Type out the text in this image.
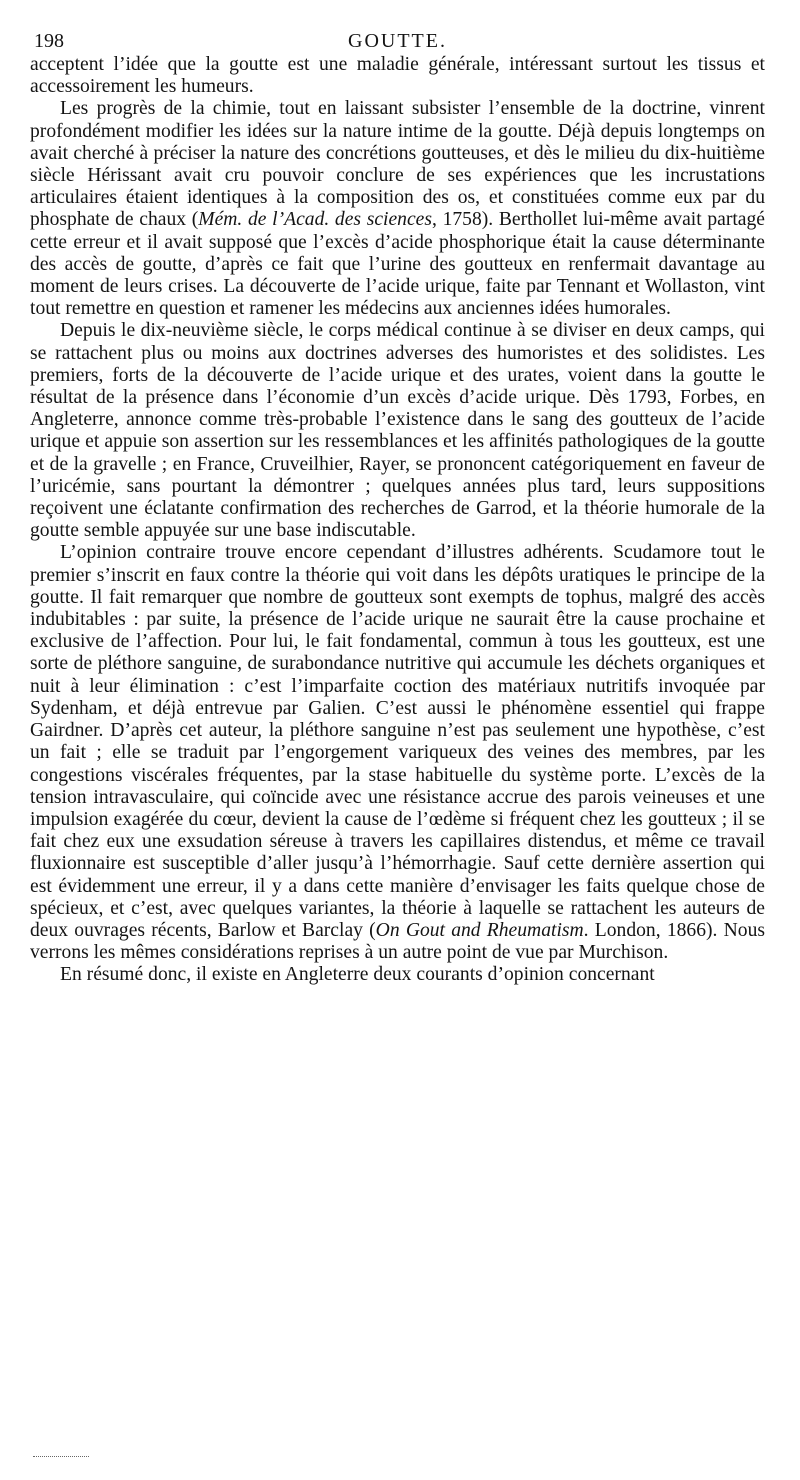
198	GOUTTE.

acceptent l’idée que la goutte est une maladie générale, intéressant surtout les tissus et accessoirement les humeurs.

Les progrès de la chimie, tout en laissant subsister l’ensemble de la doctrine, vinrent profondément modifier les idées sur la nature intime de la goutte. Déjà depuis longtemps on avait cherché à préciser la nature des concrétions goutteuses, et dès le milieu du dix-huitième siècle Hérissant avait cru pouvoir conclure de ses expériences que les incrustations articulaires étaient identiques à la composition des os, et constituées comme eux par du phosphate de chaux (Mém. de l’Acad. des sciences, 1758). Berthollet lui-même avait partagé cette erreur et il avait supposé que l’excès d’acide phosphorique était la cause déterminante des accès de goutte, d’après ce fait que l’urine des goutteux en renfermait davantage au moment de leurs crises. La découverte de l’acide urique, faite par Tennant et Wollaston, vint tout remettre en question et ramener les médecins aux anciennes idées humorales.

Depuis le dix-neuvième siècle, le corps médical continue à se diviser en deux camps, qui se rattachent plus ou moins aux doctrines adverses des humoristes et des solidistes. Les premiers, forts de la découverte de l’acide urique et des urates, voient dans la goutte le résultat de la présence dans l’économie d’un excès d’acide urique. Dès 1793, Forbes, en Angleterre, annonce comme très-probable l’existence dans le sang des goutteux de l’acide urique et appuie son assertion sur les ressemblances et les affinités pathologiques de la goutte et de la gravelle ; en France, Cruveilhier, Rayer, se prononcent catégoriquement en faveur de l’uricémie, sans pourtant la démontrer ; quelques années plus tard, leurs suppositions reçoivent une éclatante confirmation des recherches de Garrod, et la théorie humorale de la goutte semble appuyée sur une base indiscutable.

L’opinion contraire trouve encore cependant d’illustres adhérents. Scudamore tout le premier s’inscrit en faux contre la théorie qui voit dans les dépôts uratiques le principe de la goutte. Il fait remarquer que nombre de goutteux sont exempts de tophus, malgré des accès indubitables : par suite, la présence de l’acide urique ne saurait être la cause prochaine et exclusive de l’affection. Pour lui, le fait fondamental, commun à tous les goutteux, est une sorte de pléthore sanguine, de surabondance nutritive qui accumule les déchets organiques et nuit à leur élimination : c’est l’imparfaite coction des matériaux nutritifs invoquée par Sydenham, et déjà entrevue par Galien. C’est aussi le phénomène essentiel qui frappe Gairdner. D’après cet auteur, la pléthore sanguine n’est pas seulement une hypothèse, c’est un fait ; elle se traduit par l’engorgement variqueux des veines des membres, par les congestions viscérales fréquentes, par la stase habituelle du système porte. L’excès de la tension intravasculaire, qui coïncide avec une résistance accrue des parois veineuses et une impulsion exagérée du cœur, devient la cause de l’œdème si fréquent chez les goutteux ; il se fait chez eux une exsudation séreuse à travers les capillaires distendus, et même ce travail fluxionnaire est susceptible d’aller jusqu’à l’hémorrhagie. Sauf cette dernière assertion qui est évidemment une erreur, il y a dans cette manière d’envisager les faits quelque chose de spécieux, et c’est, avec quelques variantes, la théorie à laquelle se rattachent les auteurs de deux ouvrages récents, Barlow et Barclay (On Gout and Rheumatism. London, 1866). Nous verrons les mêmes considérations reprises à un autre point de vue par Murchison.

En résumé donc, il existe en Angleterre deux courants d’opinion concernant
